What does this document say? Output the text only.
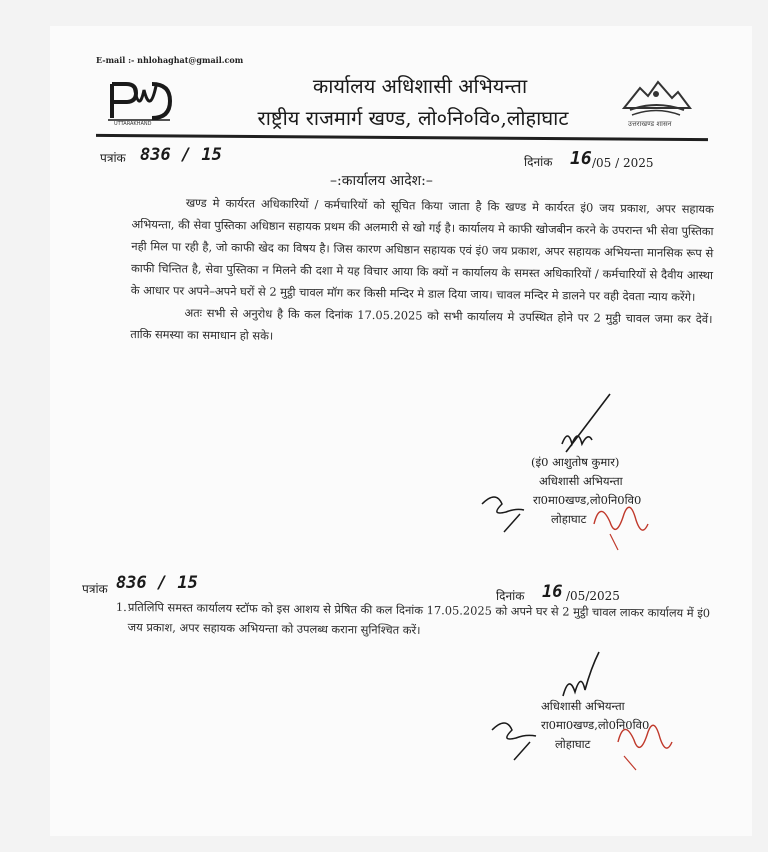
E-mail :- nhlohaghat@gmail.com
UTTARAKHAND
कार्यालय अधिशासी अभियन्ता
राष्ट्रीय राजमार्ग खण्ड, लो०नि०वि०,लोहाघाट	उत्तराखण्ड शासन
पत्रांक 836 / 15	दिनांक 16 /05 / 2025
–:कार्यालय आदेश:–

खण्ड मे कार्यरत अधिकारियों / कर्मचारियों को सूचित किया जाता है कि खण्ड मे कार्यरत इं0 जय प्रकाश, अपर सहायक अभियन्ता, की सेवा पुस्तिका अधिष्ठान सहायक प्रथम की अलमारी से खो गई है। कार्यालय मे काफी खोजबीन करने के उपरान्त भी सेवा पुस्तिका नही मिल पा रही है, जो काफी खेद का विषय है। जिस कारण अधिष्ठान सहायक एवं इं0 जय प्रकाश, अपर सहायक अभियन्ता मानसिक रूप से काफी चिन्तित है, सेवा पुस्तिका न मिलने की दशा मे यह विचार आया कि क्यों न कार्यालय के समस्त अधिकारियों / कर्मचारियों से दैवीय आस्था के आधार पर अपने–अपने घरों से 2 मुट्ठी चावल मॉग कर किसी मन्दिर मे डाल दिया जाय। चावल मन्दिर मे डालने पर वही देवता न्याय करेंगे।

अतः सभी से अनुरोध है कि कल दिनांक 17.05.2025 को सभी कार्यालय मे उपस्थित होने पर 2 मुट्ठी चावल जमा कर देवें। ताकि समस्या का समाधान हो सके।

(इं0 आशुतोष कुमार)
अधिशासी अभियन्ता
रा0मा0खण्ड,लो0नि0वि0
लोहाघाट
पत्रांक 836 / 15
दिनांक 16 /05/2025
1. प्रतिलिपि समस्त कार्यालय स्टॉफ को इस आशय से प्रेषित की कल दिनांक 17.05.2025 को अपने घर से 2 मुट्ठी चावल लाकर कार्यालय में इं0 जय प्रकाश, अपर सहायक अभियन्ता को उपलब्ध कराना सुनिश्चित करें।
अधिशासी अभियन्ता
रा0मा0खण्ड,लो0नि0वि0
लोहाघाट
